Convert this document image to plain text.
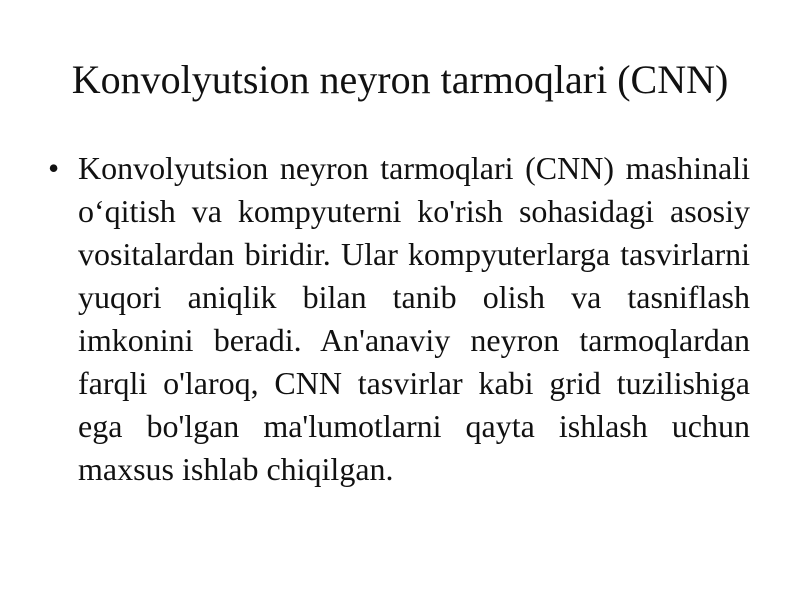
Konvolyutsion neyron tarmoqlari (CNN)
• Konvolyutsion neyron tarmoqlari (CNN) mashinali o‘qitish va kompyuterni ko'rish sohasidagi asosiy vositalardan biridir. Ular kompyuterlarga tasvirlarni yuqori aniqlik bilan tanib olish va tasniflash imkonini beradi. An'anaviy neyron tarmoqlardan farqli o'laroq, CNN tasvirlar kabi grid tuzilishiga ega bo'lgan ma'lumotlarni qayta ishlash uchun maxsus ishlab chiqilgan.
